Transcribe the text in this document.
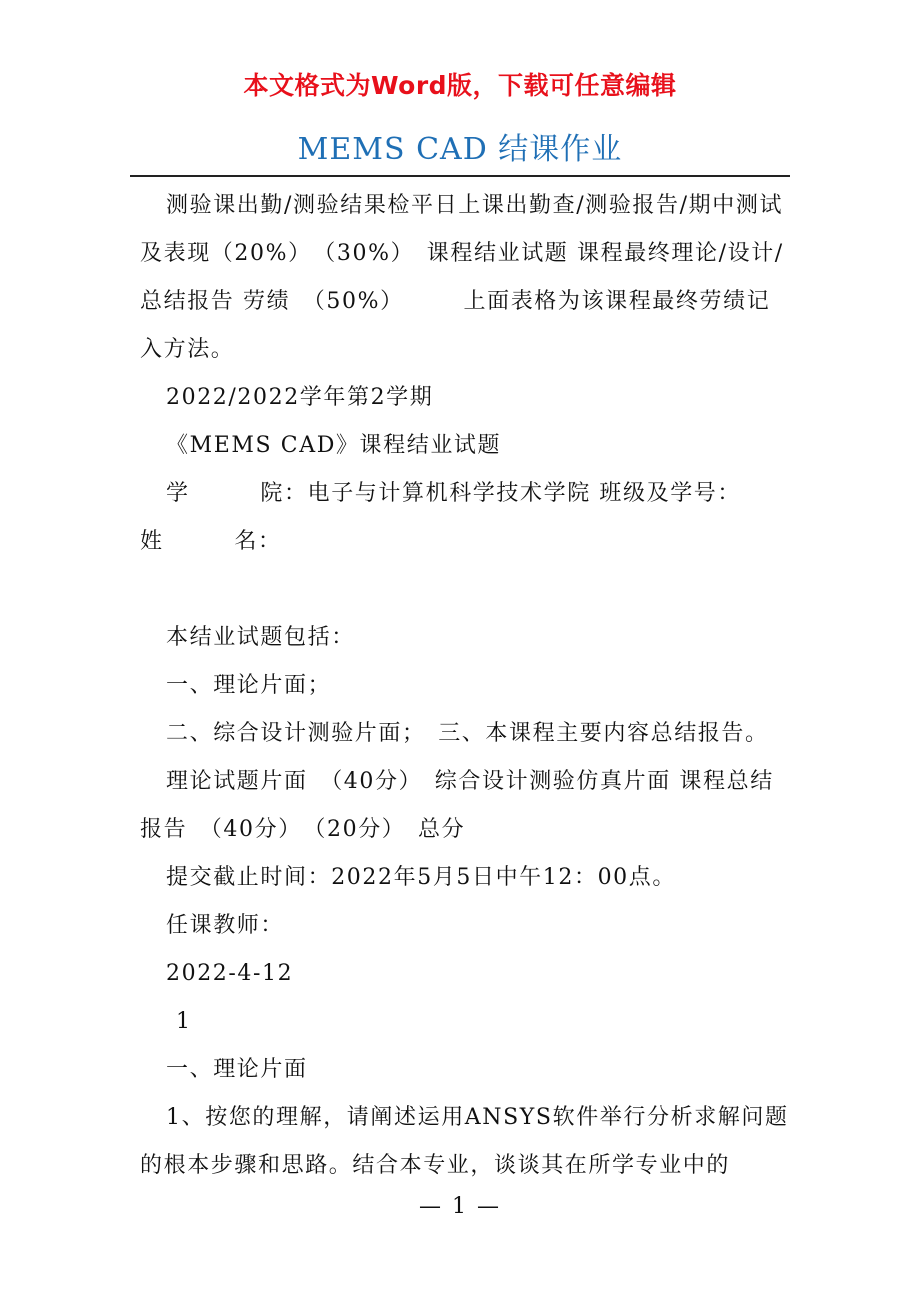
本文格式为Word版，下载可任意编辑
MEMS CAD 结课作业

测验课出勤/测验结果检平日上课出勤查/测验报告/期中测试及表现（20%）　（30%）　课程结业试题 课程最终理论/设计/总结报告 劳绩　（50%）　　　上面表格为该课程最终劳绩记入方法。

2022/2022学年第2学期

《MEMS CAD》课程结业试题

学　　　院：电子与计算机科学技术学院 班级及学号：

姓　　　名：

本结业试题包括：

一、理论片面；

二、综合设计测验片面；　三、本课程主要内容总结报告。

理论试题片面　（40分）　综合设计测验仿真片面 课程总结报告　（40分）　（20分）　总分

提交截止时间：2022年5月5日中午12：00点。

任课教师：

2022-4-12

1

一、理论片面

1、按您的理解，请阐述运用ANSYS软件举行分析求解问题的根本步骤和思路。结合本专业，谈谈其在所学专业中的

— 1 —
